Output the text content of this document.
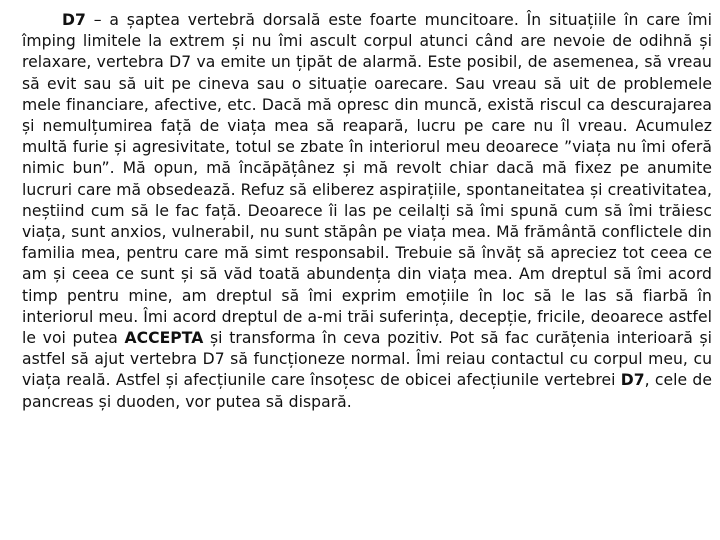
D7 – a șaptea vertebră dorsală este foarte muncitoare. În situațiile în care îmi împing limitele la extrem și nu îmi ascult corpul atunci când are nevoie de odihnă și relaxare, vertebra D7 va emite un țipăt de alarmă. Este posibil, de asemenea, să vreau să evit sau să uit pe cineva sau o situație oarecare. Sau vreau să uit de problemele mele financiare, afective, etc. Dacă mă opresc din muncă, există riscul ca descurajarea și nemulțumirea față de viața mea să reapară, lucru pe care nu îl vreau. Acumulez multă furie și agresivitate, totul se zbate în interiorul meu deoarece ”viața nu îmi oferă nimic bun”. Mă opun, mă încăpățânez și mă revolt chiar dacă mă fixez pe anumite lucruri care mă obsedează. Refuz să eliberez aspirațiile, spontaneitatea și creativitatea, neștiind cum să le fac față. Deoarece îi las pe ceilalți să îmi spună cum să îmi trăiesc viața, sunt anxios, vulnerabil, nu sunt stăpân pe viața mea. Mă frământă conflictele din familia mea, pentru care mă simt responsabil. Trebuie să învăț să apreciez tot ceea ce am și ceea ce sunt și să văd toată abundența din viața mea. Am dreptul să îmi acord timp pentru mine, am dreptul să îmi exprim emoțiile în loc să le las să fiarbă în interiorul meu. Îmi acord dreptul de a-mi trăi suferința, decepție, fricile, deoarece astfel le voi putea ACCEPTA și transforma în ceva pozitiv. Pot să fac curățenia interioară și astfel să ajut vertebra D7 să funcționeze normal. Îmi reiau contactul cu corpul meu, cu viața reală. Astfel și afecțiunile care însoțesc de obicei afecțiunile vertebrei D7, cele de pancreas și duoden, vor putea să dispară.
